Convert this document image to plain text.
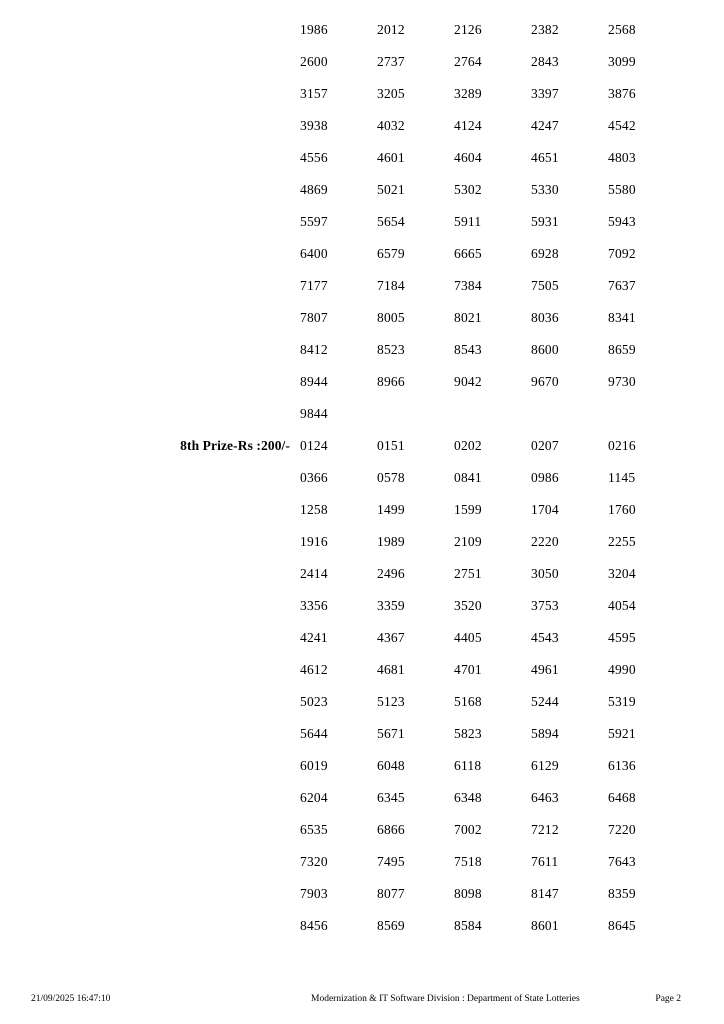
1986	2012	2126	2382	2568
2600	2737	2764	2843	3099
3157	3205	3289	3397	3876
3938	4032	4124	4247	4542
4556	4601	4604	4651	4803
4869	5021	5302	5330	5580
5597	5654	5911	5931	5943
6400	6579	6665	6928	7092
7177	7184	7384	7505	7637
7807	8005	8021	8036	8341
8412	8523	8543	8600	8659
8944	8966	9042	9670	9730
9844
8th Prize-Rs :200/- 0124	0151	0202	0207	0216
0366	0578	0841	0986	1145
1258	1499	1599	1704	1760
1916	1989	2109	2220	2255
2414	2496	2751	3050	3204
3356	3359	3520	3753	4054
4241	4367	4405	4543	4595
4612	4681	4701	4961	4990
5023	5123	5168	5244	5319
5644	5671	5823	5894	5921
6019	6048	6118	6129	6136
6204	6345	6348	6463	6468
6535	6866	7002	7212	7220
7320	7495	7518	7611	7643
7903	8077	8098	8147	8359
8456	8569	8584	8601	8645
21/09/2025 16:47:10	Modernization & IT Software Division : Department of State Lotteries	Page 2
